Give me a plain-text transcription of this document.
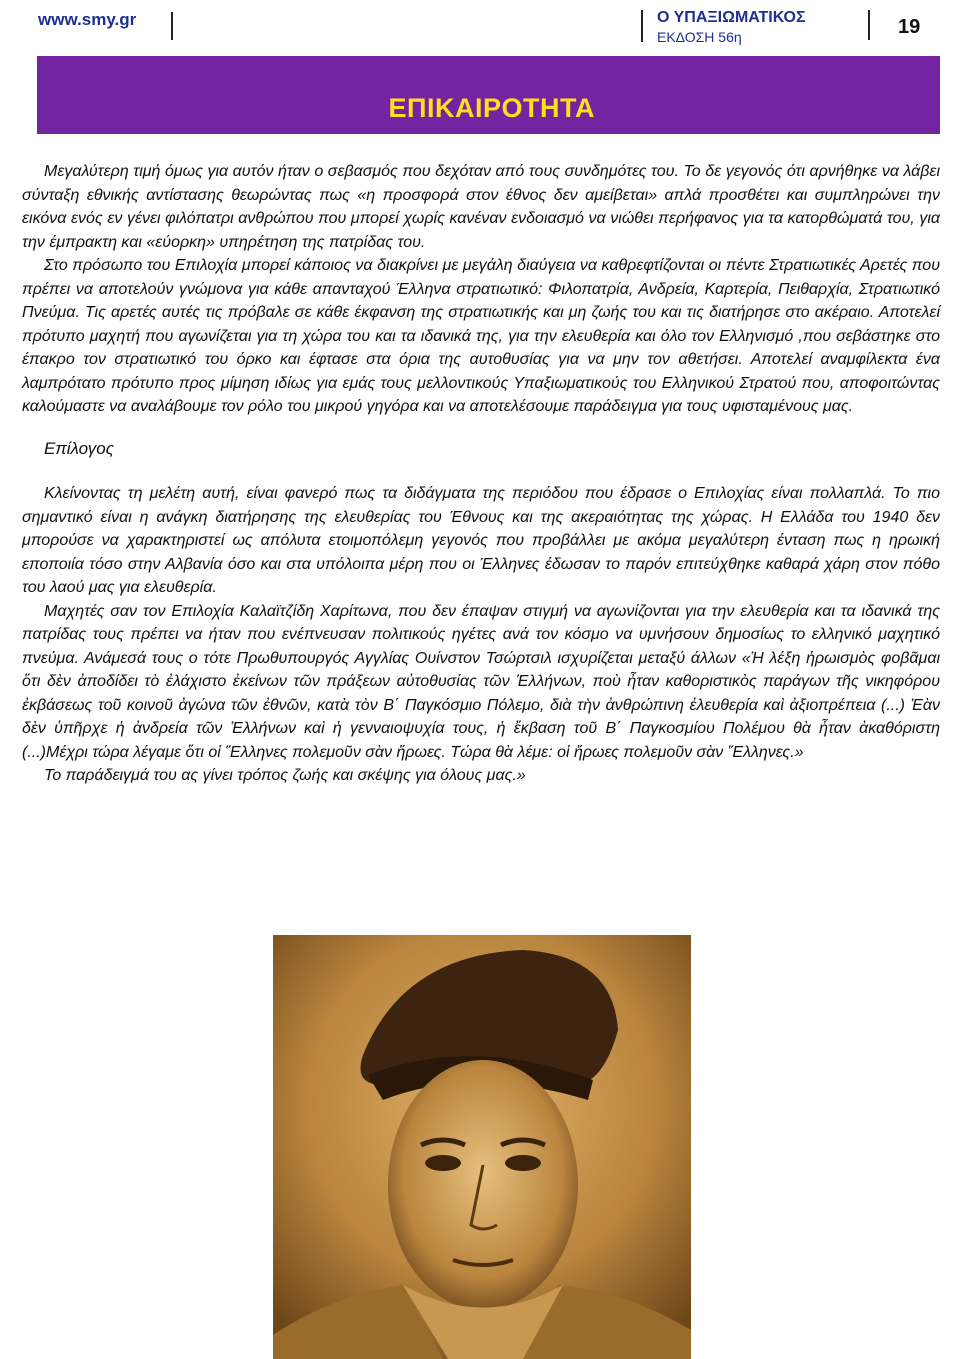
www.smy.gr	Ο ΥΠΑΞΙΩΜΑΤΙΚΟΣ
ΕΚΔΟΣΗ 56η	19
ΕΠΙΚΑΙΡΟΤΗΤΑ

Μεγαλύτερη τιμή όμως για αυτόν ήταν ο σεβασμός που δεχόταν από τους συνδημότες του. Το δε γεγονός ότι αρνήθηκε να λάβει σύνταξη εθνικής αντίστασης θεωρώντας πως «η προσφορά στον έθνος δεν αμείβεται» απλά προσθέτει και συμπληρώνει την εικόνα ενός εν γένει φιλόπατρι ανθρώπου που μπορεί χωρίς κανέναν ενδοιασμό να νιώθει περήφανος για τα κατορθώματά του, για την έμπρακτη και «εύορκη» υπηρέτηση της πατρίδας του.

Στο πρόσωπο του Επιλοχία μπορεί κάποιος να διακρίνει με μεγάλη διαύγεια να καθρεφτίζονται οι πέντε Στρατιωτικές Αρετές που πρέπει να αποτελούν γνώμονα για κάθε απανταχού Έλληνα στρατιωτικό: Φιλοπατρία, Ανδρεία, Καρτερία, Πειθαρχία, Στρατιωτικό Πνεύμα. Τις αρετές αυτές τις πρόβαλε σε κάθε έκφανση της στρατιωτικής και μη ζωής του και τις διατήρησε στο ακέραιο. Αποτελεί πρότυπο μαχητή που αγωνίζεται για τη χώρα του και τα ιδανικά της, για την ελευθερία και όλο τον Ελληνισμό ,που σεβάστηκε στο έπακρο τον στρατιωτικό του όρκο και έφτασε στα όρια της αυτοθυσίας για να μην τον αθετήσει. Αποτελεί αναμφίλεκτα ένα λαμπρότατο πρότυπο προς μίμηση ιδίως για εμάς τους μελλοντικούς Υπαξιωματικούς του Ελληνικού Στρατού που, αποφοιτώντας καλούμαστε να αναλάβουμε τον ρόλο του μικρού γηγόρα και να αποτελέσουμε παράδειγμα για τους υφισταμένους μας.

Επίλογος

Κλείνοντας τη μελέτη αυτή, είναι φανερό πως τα διδάγματα της περιόδου που έδρασε ο Επιλοχίας είναι πολλαπλά. Το πιο σημαντικό είναι η ανάγκη διατήρησης της ελευθερίας του Έθνους και της ακεραιότητας της χώρας. Η Ελλάδα του 1940 δεν μπορούσε να χαρακτηριστεί ως απόλυτα ετοιμοπόλεμη γεγονός που προβάλλει με ακόμα μεγαλύτερη ένταση πως η ηρωική εποποιία τόσο στην Αλβανία όσο και στα υπόλοιπα μέρη που οι Έλληνες έδωσαν το παρόν επιτεύχθηκε καθαρά χάρη στον πόθο του λαού μας για ελευθερία.

Μαχητές σαν τον Επιλοχία Καλαϊτζίδη Χαρίτωνα, που δεν έπαψαν στιγμή να αγωνίζονται για την ελευθερία και τα ιδανικά της πατρίδας τους πρέπει να ήταν που ενέπνευσαν πολιτικούς ηγέτες ανά τον κόσμο να υμνήσουν δημοσίως το ελληνικό μαχητικό πνεύμα. Ανάμεσά τους ο τότε Πρωθυπουργός Αγγλίας Ουίνστον Τσώρτσιλ ισχυρίζεται μεταξύ άλλων «Ἡ λέξη ἡρωισμὸς φοβᾶμαι ὅτι δὲν ἀποδίδει τὸ ἐλάχιστο ἐκείνων τῶν πράξεων αὐτοθυσίας τῶν Ἑλλήνων, ποὺ ἦταν καθοριστικὸς παράγων τῆς νικηφόρου ἐκβάσεως τοῦ κοινοῦ ἀγώνα τῶν ἐθνῶν, κατὰ τὸν Β΄ Παγκόσμιο Πόλεμο, διὰ τὴν ἀνθρώπινη ἐλευθερία καὶ ἀξιοπρέπεια (...) Ἐὰν δὲν ὑπῆρχε ἡ ἀνδρεία τῶν Ἑλλήνων καὶ ἡ γενναιοψυχία τους, ἡ ἔκβαση τοῦ Β΄ Παγκοσμίου Πολέμου θὰ ἦταν ἀκαθόριστη (...)Μέχρι τώρα λέγαμε ὅτι οἱ Ἕλληνες πολεμοῦν σὰν ἥρωες. Τώρα θὰ λέμε: οἱ ἥρωες πολεμοῦν σὰν Ἕλληνες.»

Το παράδειγμά του ας γίνει τρόπος ζωής και σκέψης για όλους μας.»
